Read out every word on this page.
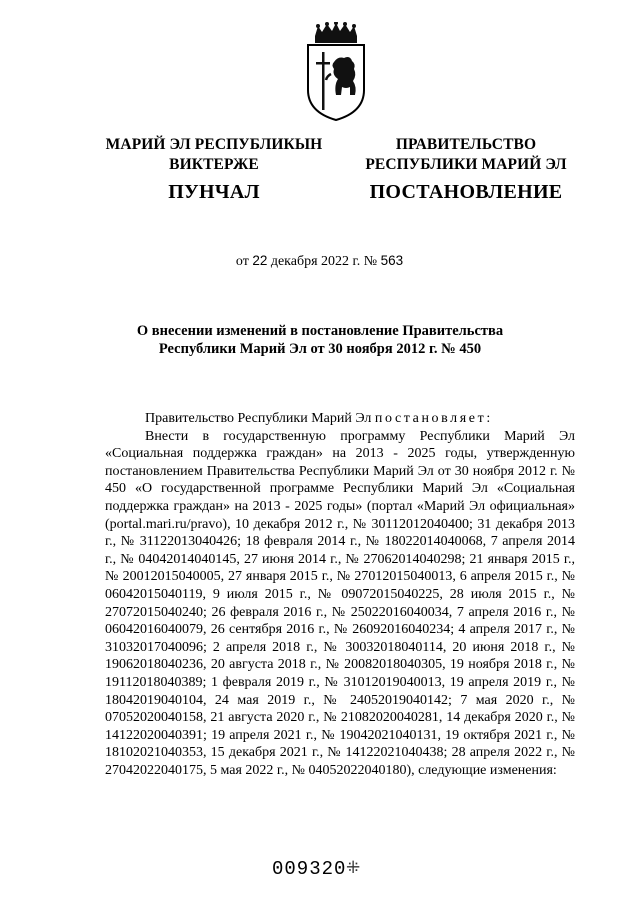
МАРИЙ ЭЛ РЕСПУБЛИКЫН
ВИКТЕРЖЕ
ПУНЧАЛ
ПРАВИТЕЛЬСТВО
РЕСПУБЛИКИ МАРИЙ ЭЛ
ПОСТАНОВЛЕНИЕ
от 22 декабря 2022 г. № 563
О внесении изменений в постановление Правительства
Республики Марий Эл от 30 ноября 2012 г. № 450

Правительство Республики Марий Эл постановляет:

Внести в государственную программу Республики Марий Эл «Социальная поддержка граждан» на 2013 - 2025 годы, утвержденную постановлением Правительства Республики Марий Эл от 30 ноября 2012 г. № 450 «О государственной программе Республики Марий Эл «Социальная поддержка граждан» на 2013 - 2025 годы» (портал «Марий Эл официальная» (portal.mari.ru/pravo), 10 декабря 2012 г., № 30112012040400; 31 декабря 2013 г., № 31122013040426; 18 февраля 2014 г., № 18022014040068, 7 апреля 2014 г., № 04042014040145, 27 июня 2014 г., № 27062014040298; 21 января 2015 г., № 20012015040005, 27 января 2015 г., № 27012015040013, 6 апреля 2015 г., № 06042015040119, 9 июля 2015 г., № 09072015040225, 28 июля 2015 г., № 27072015040240; 26 февраля 2016 г., № 25022016040034, 7 апреля 2016 г., № 06042016040079, 26 сентября 2016 г., № 26092016040234; 4 апреля 2017 г., № 31032017040096; 2 апреля 2018 г., № 30032018040114, 20 июня 2018 г., № 19062018040236, 20 августа 2018 г., № 20082018040305, 19 ноября 2018 г., № 19112018040389; 1 февраля 2019 г., № 31012019040013, 19 апреля 2019 г., № 18042019040104, 24 мая 2019 г., № 24052019040142; 7 мая 2020 г., № 07052020040158, 21 августа 2020 г., № 21082020040281, 14 декабря 2020 г., № 14122020040391; 19 апреля 2021 г., № 19042021040131, 19 октября 2021 г., № 18102021040353, 15 декабря 2021 г., № 14122021040438; 28 апреля 2022 г., № 27042022040175, 5 мая 2022 г., № 04052022040180), следующие изменения:

009320 ⁜
